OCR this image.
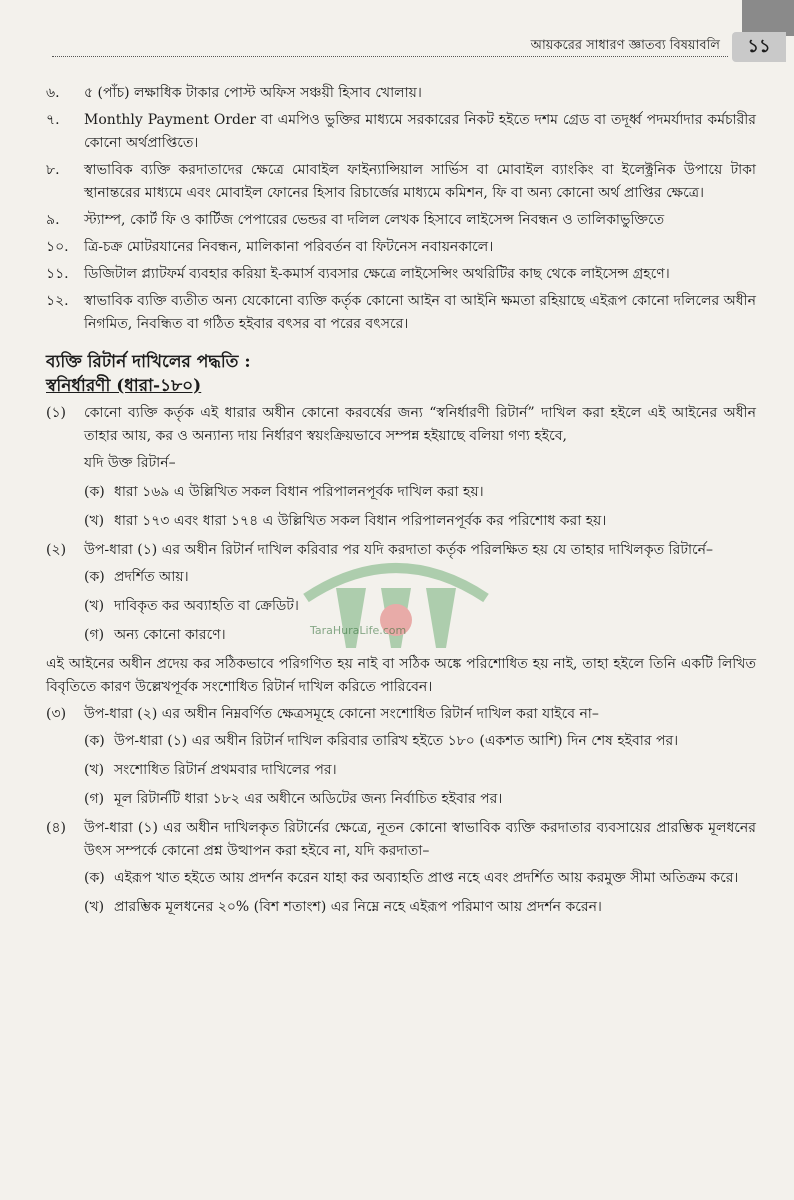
আয়করের সাধারণ জ্ঞাতব্য বিষয়াবলি	১১
৬.	৫ (পাঁচ) লক্ষাধিক টাকার পোস্ট অফিস সঞ্চয়ী হিসাব খোলায়।
৭.	Monthly Payment Order বা এমপিও ভুক্তির মাধ্যমে সরকারের নিকট হইতে দশম গ্রেড বা তদূর্ধ্ব পদমর্যাদার কর্মচারীর কোনো অর্থপ্রাপ্তিতে।
৮.	স্বাভাবিক ব্যক্তি করদাতাদের ক্ষেত্রে মোবাইল ফাইন্যান্সিয়াল সার্ভিস বা মোবাইল ব্যাংকিং বা ইলেক্ট্রনিক উপায়ে টাকা স্থানান্তরের মাধ্যমে এবং মোবাইল ফোনের হিসাব রিচার্জের মাধ্যমে কমিশন, ফি বা অন্য কোনো অর্থ প্রাপ্তির ক্ষেত্রে।
৯.	স্ট্যাম্প, কোর্ট ফি ও কার্টিজ পেপারের ভেন্ডর বা দলিল লেখক হিসাবে লাইসেন্স নিবন্ধন ও তালিকাভুক্তিতে
১০.	ত্রি-চক্র মোটরযানের নিবন্ধন, মালিকানা পরিবর্তন বা ফিটনেস নবায়নকালে।
১১.	ডিজিটাল প্ল্যাটফর্ম ব্যবহার করিয়া ই-কমার্স ব্যবসার ক্ষেত্রে লাইসেন্সিং অথরিটির কাছ থেকে লাইসেন্স গ্রহণে।
১২.	স্বাভাবিক ব্যক্তি ব্যতীত অন্য যেকোনো ব্যক্তি কর্তৃক কোনো আইন বা আইনি ক্ষমতা রহিয়াছে এইরূপ কোনো দলিলের অধীন নিগমিত, নিবন্ধিত বা গঠিত হইবার বৎসর বা পরের বৎসরে।

ব্যক্তি রিটার্ন দাখিলের পদ্ধতি :

স্বনির্ধারণী (ধারা-১৮০)

(১)	কোনো ব্যক্তি কর্তৃক এই ধারার অধীন কোনো করবর্ষের জন্য “স্বনির্ধারণী রিটার্ন” দাখিল করা হইলে এই আইনের অধীন তাহার আয়, কর ও অন্যান্য দায় নির্ধারণ স্বয়ংক্রিয়ভাবে সম্পন্ন হইয়াছে বলিয়া গণ্য হইবে,
যদি উক্ত রিটার্ন–
(ক) ধারা ১৬৯ এ উল্লিখিত সকল বিধান পরিপালনপূর্বক দাখিল করা হয়।
(খ) ধারা ১৭৩ এবং ধারা ১৭৪ এ উল্লিখিত সকল বিধান পরিপালনপূর্বক কর পরিশোধ করা হয়।
(২)	উপ-ধারা (১) এর অধীন রিটার্ন দাখিল করিবার পর যদি করদাতা কর্তৃক পরিলক্ষিত হয় যে তাহার দাখিলকৃত রিটার্নে–
(ক) প্রদর্শিত আয়।
(খ) দাবিকৃত কর অব্যাহতি বা ক্রেডিট।
(গ) অন্য কোনো কারণে।

এই আইনের অধীন প্রদেয় কর সঠিকভাবে পরিগণিত হয় নাই বা সঠিক অঙ্কে পরিশোধিত হয় নাই, তাহা হইলে তিনি একটি লিখিত বিবৃতিতে কারণ উল্লেখপূর্বক সংশোধিত রিটার্ন দাখিল করিতে পারিবেন।

(৩)	উপ-ধারা (২) এর অধীন নিম্নবর্ণিত ক্ষেত্রসমূহে কোনো সংশোধিত রিটার্ন দাখিল করা যাইবে না–
(ক) উপ-ধারা (১) এর অধীন রিটার্ন দাখিল করিবার তারিখ হইতে ১৮০ (একশত আশি) দিন শেষ হইবার পর।
(খ) সংশোধিত রিটার্ন প্রথমবার দাখিলের পর।
(গ) মূল রিটার্নটি ধারা ১৮২ এর অধীনে অডিটের জন্য নির্বাচিত হইবার পর।
(৪)	উপ-ধারা (১) এর অধীন দাখিলকৃত রিটার্নের ক্ষেত্রে, নূতন কোনো স্বাভাবিক ব্যক্তি করদাতার ব্যবসায়ের প্রারম্ভিক মূলধনের উৎস সম্পর্কে কোনো প্রশ্ন উত্থাপন করা হইবে না, যদি করদাতা–
(ক) এইরূপ খাত হইতে আয় প্রদর্শন করেন যাহা কর অব্যাহতি প্রাপ্ত নহে এবং প্রদর্শিত আয় করমুক্ত সীমা অতিক্রম করে।
(খ) প্রারম্ভিক মূলধনের ২০% (বিশ শতাংশ) এর নিম্নে নহে এইরূপ পরিমাণ আয় প্রদর্শন করেন।
TaraHuraLife.com
